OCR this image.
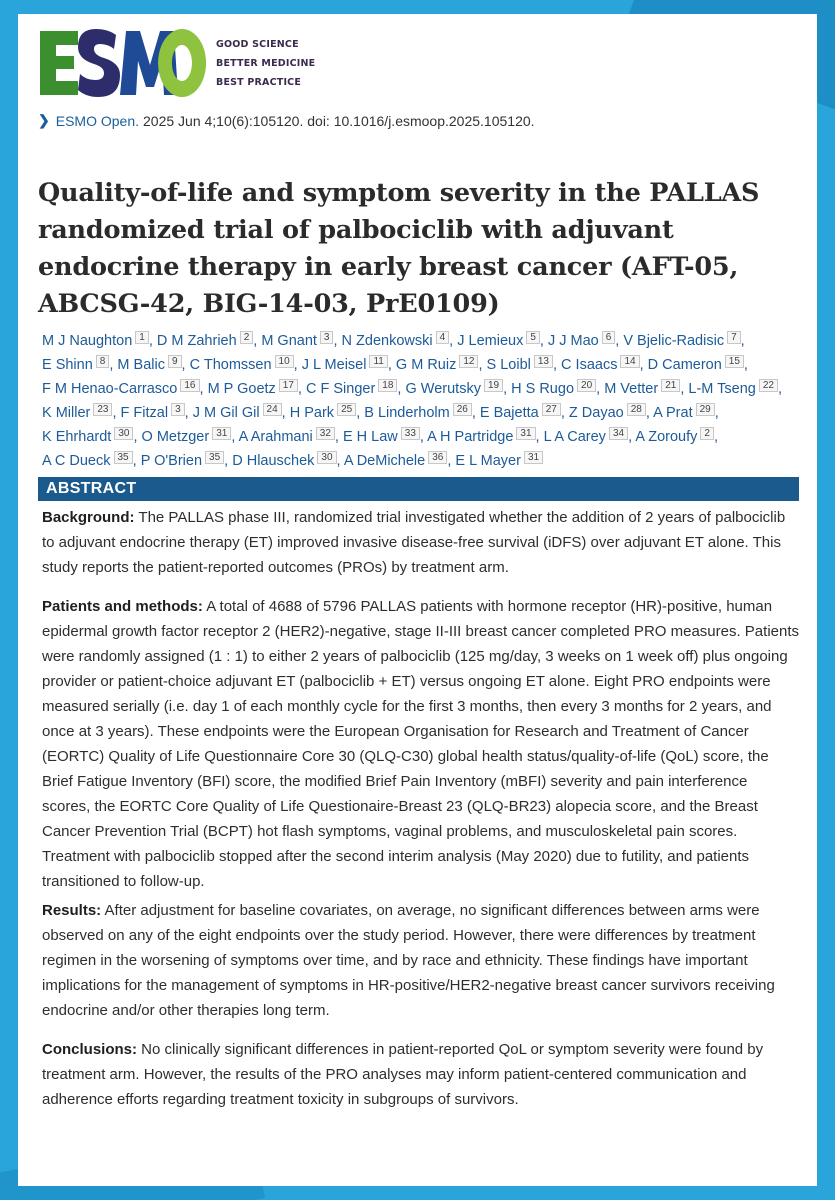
GOOD SCIENCE
BETTER MEDICINE
BEST PRACTICE
❯ ESMO Open. 2025 Jun 4;10(6):105120. doi: 10.1016/j.esmoop.2025.105120.
Quality-of-life and symptom severity in the PALLAS randomized trial of palbociclib with adjuvant endocrine therapy in early breast cancer (AFT-05, ABCSG-42, BIG-14-03, PrE0109)
M J Naughton $^1$ , D M Zahrieh $^2$ , M Gnant $^3$ , N Zdenkowski $^4$ , J Lemieux $^5$ , J J Mao $^6$ , V Bjelic-Radisic $^7$ , E Shinn $^8$ , M Balic $^9$ , C Thomssen $^{10}$ , J L Meisel $^{11}$ , G M Ruiz $^{12}$ , S Loibl $^{13}$ , C Isaacs $^{14}$ , D Cameron $^{15}$ , F M Henao-Carrasco $^{16}$ , M P Goetz $^{17}$ , C F Singer $^{18}$ , G Werutsky $^{19}$ , H S Rugo $^{20}$ , M Vetter $^{21}$ , L-M Tseng $^{22}$ , K Miller $^{23}$ , F Fitzal $^3$ , J M Gil Gil $^{24}$ , H Park $^{25}$ , B Linderholm $^{26}$ , E Bajetta $^{27}$ , Z Dayao $^{28}$ , A Prat $^{29}$ , K Ehrhardt $^{30}$ , O Metzger $^{31}$ , A Arahmani $^{32}$ , E H Law $^{33}$ , A H Partridge $^{31}$ , L A Carey $^{34}$ , A Zoroufy $^2$ , A C Dueck $^{35}$ , P O'Brien $^{35}$ , D Hlauschek $^{30}$ , A DeMichele $^{36}$ , E L Mayer $^{31}$
ABSTRACT

Background: The PALLAS phase III, randomized trial investigated whether the addition of 2 years of palbociclib to adjuvant endocrine therapy (ET) improved invasive disease-free survival (iDFS) over adjuvant ET alone. This study reports the patient-reported outcomes (PROs) by treatment arm.

Patients and methods: A total of 4688 of 5796 PALLAS patients with hormone receptor (HR)-positive, human epidermal growth factor receptor 2 (HER2)-negative, stage II-III breast cancer completed PRO measures. Patients were randomly assigned (1 : 1) to either 2 years of palbociclib (125 mg/day, 3 weeks on 1 week off) plus ongoing provider or patient-choice adjuvant ET (palbociclib + ET) versus ongoing ET alone. Eight PRO endpoints were measured serially (i.e. day 1 of each monthly cycle for the first 3 months, then every 3 months for 2 years, and once at 3 years). These endpoints were the European Organisation for Research and Treatment of Cancer (EORTC) Quality of Life Questionnaire Core 30 (QLQ-C30) global health status/quality-of-life (QoL) score, the Brief Fatigue Inventory (BFI) score, the modified Brief Pain Inventory (mBFI) severity and pain interference scores, the EORTC Core Quality of Life Questionaire-Breast 23 (QLQ-BR23) alopecia score, and the Breast Cancer Prevention Trial (BCPT) hot flash symptoms, vaginal problems, and musculoskeletal pain scores. Treatment with palbociclib stopped after the second interim analysis (May 2020) due to futility, and patients transitioned to follow-up.

Results: After adjustment for baseline covariates, on average, no significant differences between arms were observed on any of the eight endpoints over the study period. However, there were differences by treatment regimen in the worsening of symptoms over time, and by race and ethnicity. These findings have important implications for the management of symptoms in HR-positive/HER2-negative breast cancer survivors receiving endocrine and/or other therapies long term.

Conclusions: No clinically significant differences in patient-reported QoL or symptom severity were found by treatment arm. However, the results of the PRO analyses may inform patient-centered communication and adherence efforts regarding treatment toxicity in subgroups of survivors.
